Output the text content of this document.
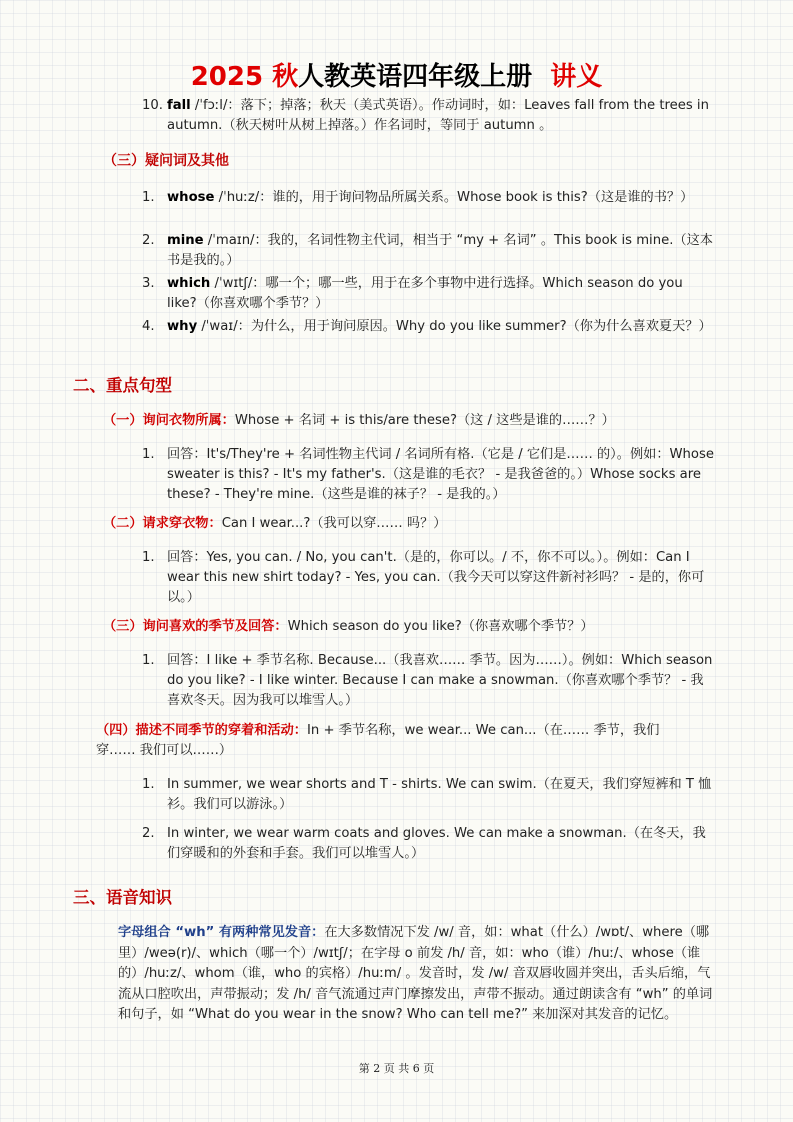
2025 秋人教英语四年级上册 讲义
10. fall /ˈfɔːl/：落下；掉落；秋天（美式英语）。作动词时，如：Leaves fall from the trees in autumn.（秋天树叶从树上掉落。）作名词时，等同于 autumn 。
（三）疑问词及其他
1. whose /ˈhuːz/：谁的，用于询问物品所属关系。Whose book is this?（这是谁的书？）
2. mine /ˈmaɪn/：我的，名词性物主代词，相当于 “my + 名词” 。This book is mine.（这本书是我的。）
3. which /ˈwɪtʃ/：哪一个；哪一些，用于在多个事物中进行选择。Which season do you like?（你喜欢哪个季节？）
4. why /ˈwaɪ/：为什么，用于询问原因。Why do you like summer?（你为什么喜欢夏天？）
二、重点句型
（一）询问衣物所属：Whose + 名词 + is this/are these?（这 / 这些是谁的……？）
1. 回答：It's/They're + 名词性物主代词 / 名词所有格.（它是 / 它们是…… 的）。例如：Whose sweater is this? - It's my father's.（这是谁的毛衣？ - 是我爸爸的。）Whose socks are these? - They're mine.（这些是谁的袜子？ - 是我的。）
（二）请求穿衣物：Can I wear...?（我可以穿…… 吗？）
1. 回答：Yes, you can. / No, you can't.（是的，你可以。/ 不，你不可以。）。例如：Can I wear this new shirt today? - Yes, you can.（我今天可以穿这件新衬衫吗？ - 是的，你可以。）
（三）询问喜欢的季节及回答：Which season do you like?（你喜欢哪个季节？）
1. 回答：I like + 季节名称. Because...（我喜欢…… 季节。因为……）。例如：Which season do you like? - I like winter. Because I can make a snowman.（你喜欢哪个季节？ - 我喜欢冬天。因为我可以堆雪人。）
（四）描述不同季节的穿着和活动：In + 季节名称，we wear... We can...（在…… 季节，我们穿…… 我们可以……）
1. In summer, we wear shorts and T - shirts. We can swim.（在夏天，我们穿短裤和 T 恤衫。我们可以游泳。）
2. In winter, we wear warm coats and gloves. We can make a snowman.（在冬天，我们穿暖和的外套和手套。我们可以堆雪人。）
三、语音知识
字母组合 “wh” 有两种常见发音：在大多数情况下发 /w/ 音，如：what（什么）/wɒt/、where（哪里）/weə(r)/、which（哪一个）/wɪtʃ/；在字母 o 前发 /h/ 音，如：who（谁）/huː/、whose（谁的）/huːz/、whom（谁，who 的宾格）/huːm/ 。发音时，发 /w/ 音双唇收圆并突出，舌头后缩，气流从口腔吹出，声带振动；发 /h/ 音气流通过声门摩擦发出，声带不振动。通过朗读含有 “wh” 的单词和句子，如 “What do you wear in the snow? Who can tell me?” 来加深对其发音的记忆。
第 2 页 共 6 页
